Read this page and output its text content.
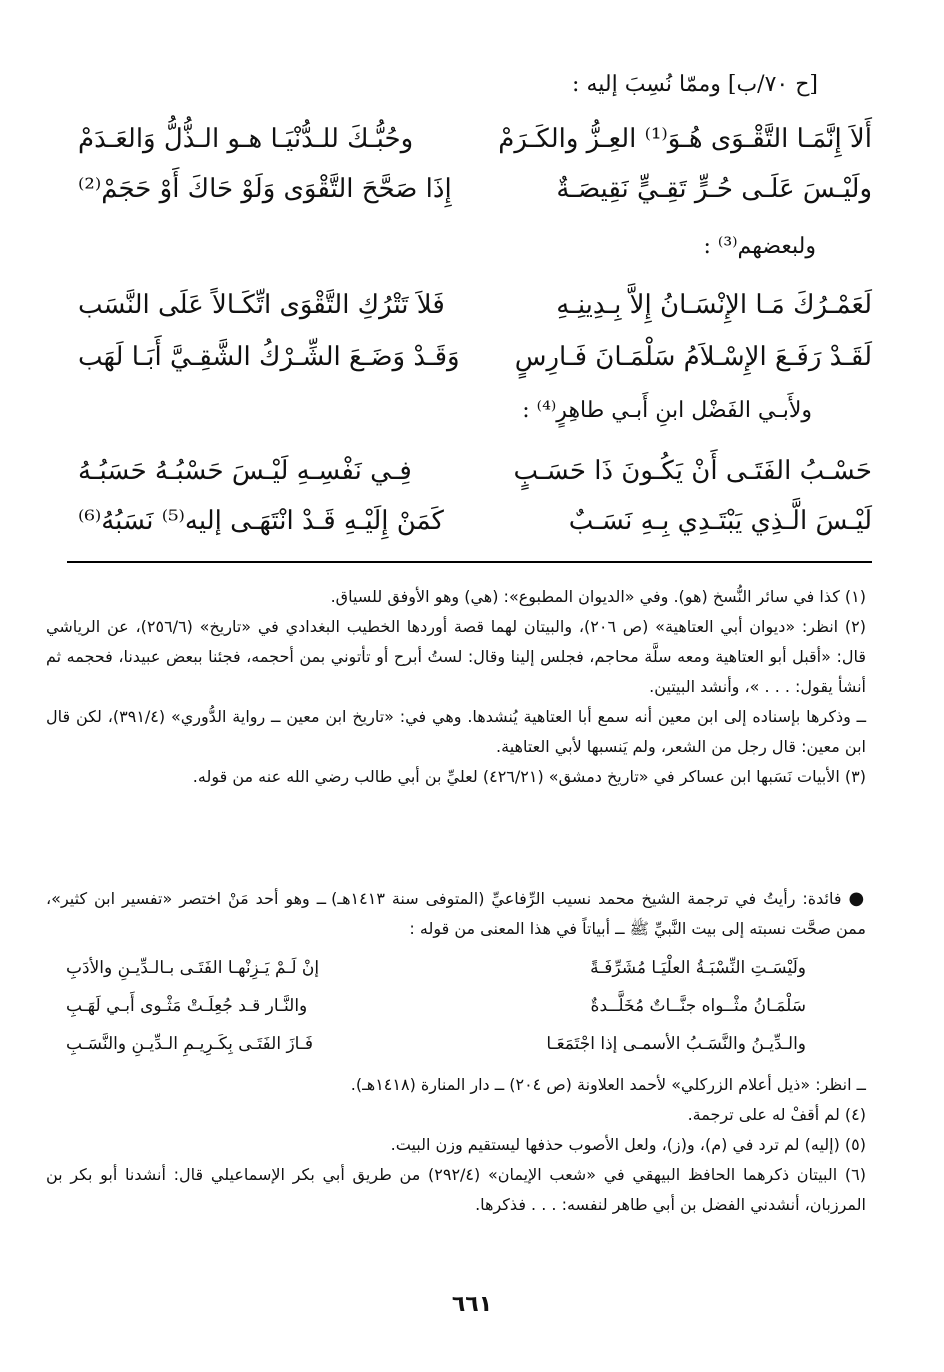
[ح ٧٠/ب] وممّا نُسِبَ إليه :
أَلاَ إِنَّمَـا التَّقْـوَى هُـوَ⁽¹⁾ العِـزُّ والكَـرَمْ
وحُبُّـكَ للـدُّنْيَـا هـو الـذُّلُّ وَالعَـدَمْ
ولَيْـسَ عَلَـى حُـرٍّ تَقِـيٍّ نَقِيصَـةٌ
إِذَا صَحَّحَ التَّقْوَى وَلَوْ حَاكَ أَوْ حَجَمْ⁽²⁾
ولبعضهم⁽³⁾ :
لَعَمْـرُكَ مَـا الإِنْسَـانُ إِلاَّ بِـدِينِـهِ
فَلاَ تَتْرُكِ التَّقْوَى اتِّكَـالاً عَلَى النَّسَب
لَقَـدْ رَفَـعَ الإِسْـلاَمُ سَلْمَـانَ فَـارِسٍ
وَقَـدْ وَضَـعَ الشِّـرْكُ الشَّقِـيَّ أَبَـا لَهَب
ولأَبـي الفَضْل ابنِ أَبـي طاهِرٍ⁽⁴⁾ :
حَسْـبُ الفَتَـى أَنْ يَكُـونَ ذَا حَسَـبٍ
فِـي نَفْسِـهِ لَيْـسَ حَسْبُـهُ حَسَبُـهُ
لَيْـسَ الَّـذِي يَبْتَـدِي بِـهِ نَسَـبٌ
كَمَنْ إِلَيْـهِ قَـدْ انْتَهَـى إليه⁽⁵⁾ نَسَبُهُ⁽⁶⁾

(١) كذا في سائر النُّسخ (هو). وفي «الديوان المطبوع»: (هي) وهو الأوفق للسياق.

(٢) انظر: «ديوان أبي العتاهية» (ص ٢٠٦)، والبيتان لهما قصة أوردها الخطيب البغدادي في «تاريخ» (٢٥٦/٦)، عن الرياشي قال: «أقبل أبو العتاهية ومعه سلَّة محاجم، فجلس إلينا وقال: لستُ أبرح أو تأتوني بمن أحجمه، فجئنا ببعض عبيدنا، فحجمه ثم أنشأ يقول: . . . »، وأنشد البيتين.

ــ وذكرها بإسناده إلى ابن معين أنه سمع أبا العتاهية يُنشدها. وهي في: «تاريخ ابن معين ــ رواية الدُّوري» (٣٩١/٤)، لكن قال ابن معين: قال رجل من الشعر، ولم يَنسبها لأبي العتاهية.

(٣) الأبيات نَسَبها ابن عساكر في «تاريخ دمشق» (٤٢٦/٢١) لعليِّ بن أبي طالب رضي الله عنه من قوله.

● فائدة: رأيتُ في ترجمة الشيخ محمد نسيب الرِّفاعيِّ (المتوفى سنة ١٤١٣هـ) ــ وهو أحد مَنْ اختصر «تفسير ابن كثير»، ممن صحَّت نسبته إلى بيت النَّبيِّ ﷺ ــ أبياتاً في هذا المعنى من قوله :

ولَيْسَـتِ النِّسْبَـةُ العلْيَـا مُشَرِّفَـةً
إنْ لَـمْ يَـزِنْهـا الفَتَـى بـالـدِّيـنِ والأدَبِ
سَلْمَـانُ مثْــواه جنَّــاتٌ مُخَلَّــدةٌ
والنَّـار قـد جُعِلَـتْ مَثْـوى أَبـي لَهَـبِ
والـدِّيـنُ والنَّسَـبُ الأسمـى إذا اجْتَمَعَـا
فَـازَ الفَتَـى بِكَـرِيـمِ الـدِّيـنِ والنَّسَـبِ

ــ انظر: «ذيل أعلام الزركلي» لأحمد العلاونة (ص ٢٠٤) ــ دار المنارة (١٤١٨هـ).

(٤) لم أقفْ له على ترجمة.

(٥) (إليه) لم ترد في (م)، و(ز)، ولعل الأصوب حذفها ليستقيم وزن البيت.

(٦) البيتان ذكرهما الحافظ البيهقي في «شعب الإيمان» (٢٩٢/٤) من طريق أبي بكر الإسماعيلي قال: أنشدنا أبو بكر بن المرزبان، أنشدني الفضل بن أبي طاهر لنفسه: . . . فذكرها.

٦٦١
